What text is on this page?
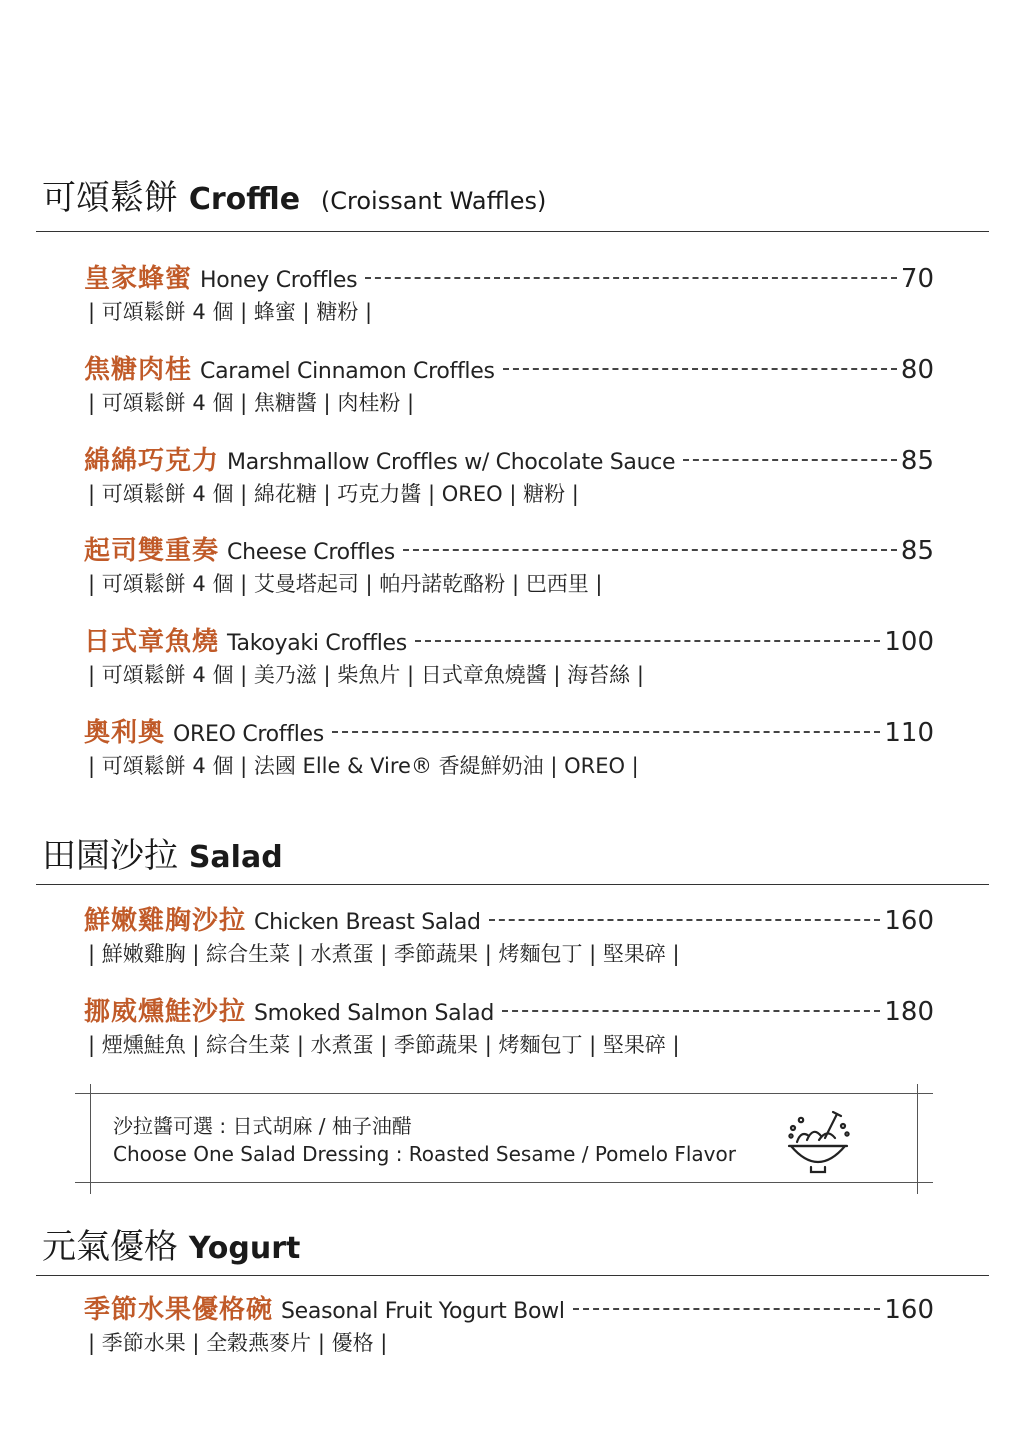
可頌鬆餅 Croffle (Croissant Waffles)
皇家蜂蜜 Honey Croffles	70
| 可頌鬆餅 4 個 | 蜂蜜 | 糖粉 |
焦糖肉桂 Caramel Cinnamon Croffles	80
| 可頌鬆餅 4 個 | 焦糖醬 | 肉桂粉 |
綿綿巧克力 Marshmallow Croffles w/ Chocolate Sauce	85
| 可頌鬆餅 4 個 | 綿花糖 | 巧克力醬 | OREO | 糖粉 |
起司雙重奏 Cheese Croffles	85
| 可頌鬆餅 4 個 | 艾曼塔起司 | 帕丹諾乾酪粉 | 巴西里 |
日式章魚燒 Takoyaki Croffles	100
| 可頌鬆餅 4 個 | 美乃滋 | 柴魚片 | 日式章魚燒醬 | 海苔絲 |
奧利奧 OREO Croffles	110
| 可頌鬆餅 4 個 | 法國 Elle & Vire® 香緹鮮奶油 | OREO |
田園沙拉 Salad
鮮嫩雞胸沙拉 Chicken Breast Salad	160
| 鮮嫩雞胸 | 綜合生菜 | 水煮蛋 | 季節蔬果 | 烤麵包丁 | 堅果碎 |
挪威燻鮭沙拉 Smoked Salmon Salad	180
| 煙燻鮭魚 | 綜合生菜 | 水煮蛋 | 季節蔬果 | 烤麵包丁 | 堅果碎 |
沙拉醬可選 : 日式胡麻 / 柚子油醋
Choose One Salad Dressing : Roasted Sesame / Pomelo Flavor
元氣優格 Yogurt
季節水果優格碗 Seasonal Fruit Yogurt Bowl	160
| 季節水果 | 全穀燕麥片 | 優格 |
